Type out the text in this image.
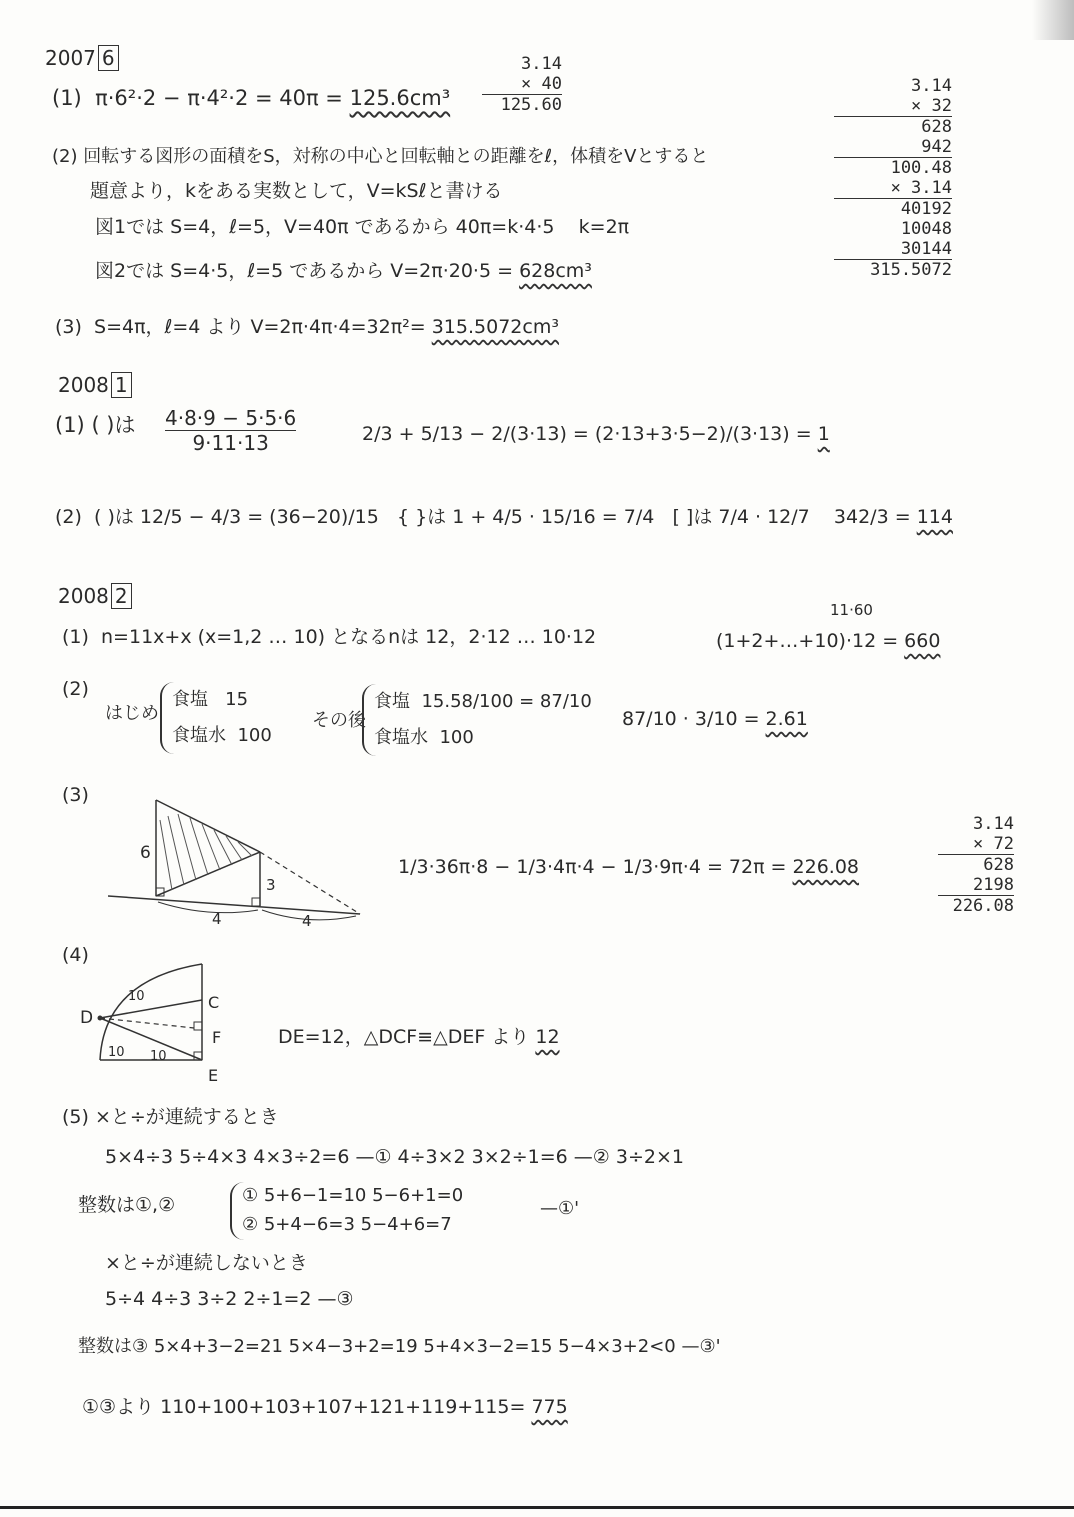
2007 6
(1) π·6²·2 − π·4²·2 = 40π = 125.6cm³
3.14
× 40
125.60
3.14
× 32
628
942
100.48
× 3.14
40192
10048
30144
315.5072
(2) 回転する図形の面積をS，対称の中心と回転軸との距離をℓ，体積をVとすると
題意より，kをある実数として，V=kSℓと書ける
図1では S=4，ℓ=5，V=40π であるから 40π=k·4·5 k=2π
図2では S=4·5，ℓ=5 であるから V=2π·20·5 = 628cm³
(3) S=4π，ℓ=4 より V=2π·4π·4=32π²= 315.5072cm³
2008 1
(1) ( )は 4·8·9 − 5·5·6
9·11·13	2/3 + 5/13 − 2/(3·13) = (2·13+3·5−2)/(3·13) = 1
(2) ( )は 12/5 − 4/3 = (36−20)/15 { }は 1 + 4/5 · 15/16 = 7/4 [ ]は 7/4 · 12/7 342/3 = 114
2008 2
(1) n=11x+x (x=1,2 … 10) となるnは 12，2·12 … 10·12	(1+2+…+10)·12 = 660
11·60
(2)
はじめ
食塩 15
食塩水 100
その後
食塩 15.58/100 = 87/10
食塩水 100
87/10 · 3/10 = 2.61
(3)
6
3
4	4
1/3·36π·8 − 1/3·4π·4 − 1/3·9π·4 = 72π = 226.08
3.14
× 72
628
2198
226.08
(4)
D
C
F
E
10
10 10
DE=12，△DCF≡△DEF より 12
(5) ×と÷が連続するとき
5×4÷3 5÷4×3 4×3÷2=6 —① 4÷3×2 3×2÷1=6 —② 3÷2×1
整数は①,②	① 5+6−1=10 5−6+1=0
② 5+4−6=3 5−4+6=7
—①'
×と÷が連続しないとき
5÷4 4÷3 3÷2 2÷1=2 —③
整数は③ 5×4+3−2=21 5×4−3+2=19 5+4×3−2=15 5−4×3+2<0 —③'
①③より 110+100+103+107+121+119+115= 775
